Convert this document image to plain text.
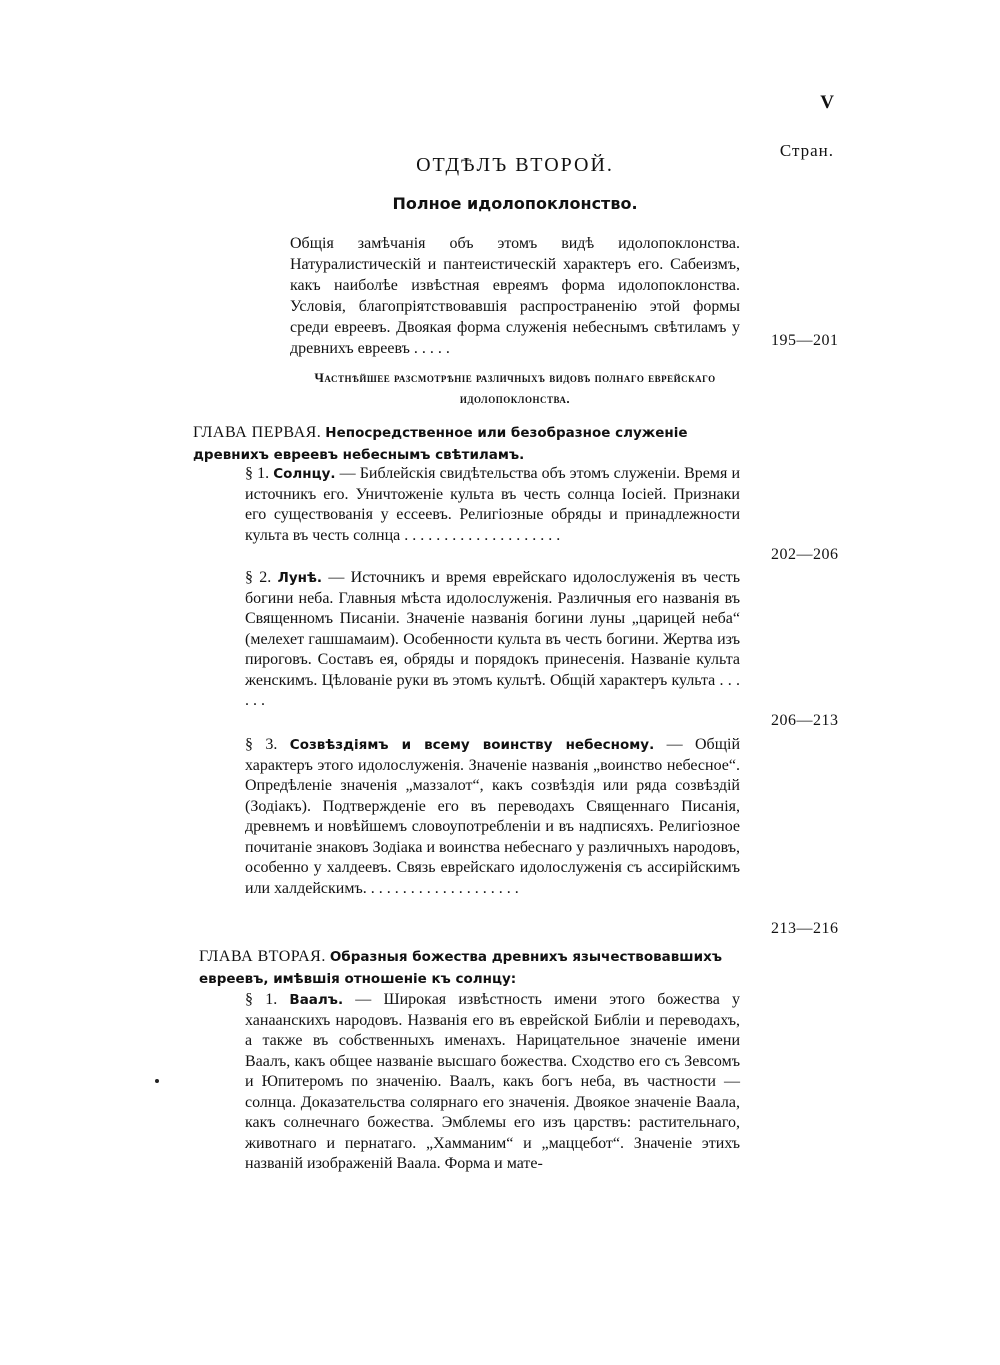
V
Стран.
ОТДѢЛЪ ВТОРОЙ.
Полное идолопоклонство.

Общія замѣчанія объ этомъ видѣ идолопоклонства. Натуралистическій и пантеистическій характеръ его. Сабеизмъ, какъ наиболѣе извѣстная евреямъ форма идолопоклонства. Условія, благопріятствовавшія распространенію этой формы среди евреевъ. Двоякая форма служенія небеснымъ свѣтиламъ у древнихъ евреевъ . . . . .	195—201
Частнѣйшее разсмотрѣніе различныхъ видовъ полнаго еврейскаго идолопоклонства.
ГЛАВА ПЕРВАЯ. Непосредственное или безобразное служеніе древнихъ евреевъ небеснымъ свѣтиламъ.

§ 1. Солнцу. — Библейскія свидѣтельства объ этомъ служеніи. Время и источникъ его. Уничтоженіе культа въ честь солнца Іосіей. Признаки его существованія у ессеевъ. Религіозные обряды и принадлежности культа въ честь солнца . . . . . . . . . . . . . . . . . . . .

202—206

§ 2. Лунѣ. — Источникъ и время еврейскаго идолослуженія въ честь богини неба. Главныя мѣста идолослуженія. Различныя его названія въ Священномъ Писаніи. Значеніе названія богини луны „царицей неба“ (мелехет гашшамаим). Особенности культа въ честь богини. Жертва изъ пироговъ. Составъ ея, обряды и порядокъ принесенія. Названіе культа женскимъ. Цѣлованіе руки въ этомъ культѣ. Общій характеръ культа . . . . . .

206—213

§ 3. Созвѣздіямъ и всему воинству небесному. — Общій характеръ этого идолослуженія. Значеніе названія „воинство небесное“. Опредѣленіе значенія „маззалот“, какъ созвѣздія или ряда созвѣздій (Зодіакъ). Подтвержденіе его въ переводахъ Священнаго Писанія, древнемъ и новѣйшемъ словоупотребленіи и въ надписяхъ. Религіозное почитаніе знаковъ Зодіака и воинства небеснаго у различныхъ народовъ, особенно у халдеевъ. Связь еврейскаго идолослуженія съ ассирійскимъ или халдейскимъ. . . . . . . . . . . . . . . . . . . .

213—216
ГЛАВА ВТОРАЯ. Образныя божества древнихъ язычествовавшихъ евреевъ, имѣвшія отношеніе къ солнцу:

§ 1. Ваалъ. — Широкая извѣстность имени этого божества у ханаанскихъ народовъ. Названія его въ еврейской Библіи и переводахъ, а также въ собственныхъ именахъ. Нарицательное значеніе имени Ваалъ, какъ общее названіе высшаго божества. Сходство его съ Зевсомъ и Юпитеромъ по значенію. Ваалъ, какъ богъ неба, въ частности — солнца. Доказательства солярнаго его значенія. Двоякое значеніе Ваала, какъ солнечнаго божества. Эмблемы его изъ царствъ: растительнаго, животнаго и пернатаго. „Хамманим“ и „маццебот“. Значеніе этихъ названій изображеній Ваала. Форма и мате-
